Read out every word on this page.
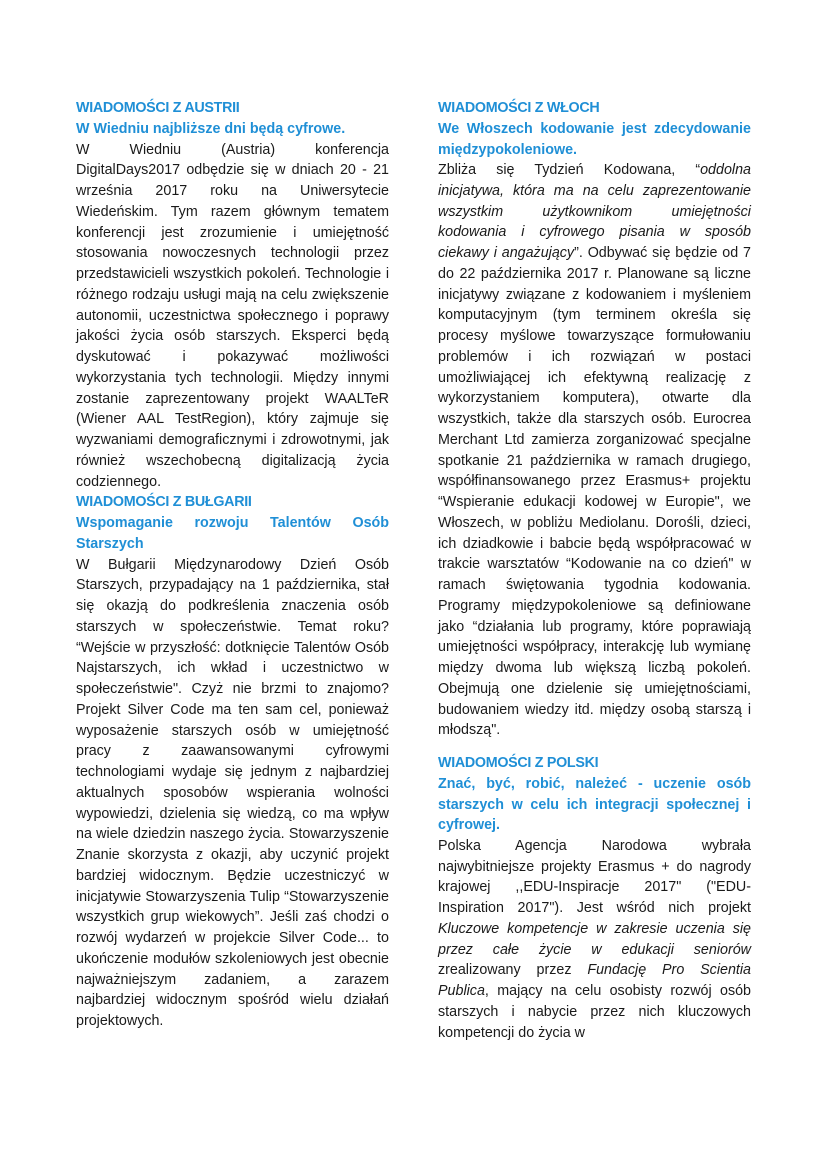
WIADOMOŚCI Z AUSTRII
W Wiedniu najbliższe dni będą cyfrowe.

W Wiedniu (Austria) konferencja DigitalDays2017 odbędzie się w dniach 20 - 21 września 2017 roku na Uniwersytecie Wiedeńskim. Tym razem głównym tematem konferencji jest zrozumienie i umiejętność stosowania nowoczesnych technologii przez przedstawicieli wszystkich pokoleń. Technologie i różnego rodzaju usługi mają na celu zwiększenie autonomii, uczestnictwa społecznego i poprawy jakości życia osób starszych. Eksperci będą dyskutować i pokazywać możliwości wykorzystania tych technologii. Między innymi zostanie zaprezentowany projekt WAALTeR (Wiener AAL TestRegion), który zajmuje się wyzwaniami demograficznymi i zdrowotnymi, jak również wszechobecną digitalizacją życia codziennego.

WIADOMOŚCI Z BUŁGARII
Wspomaganie rozwoju Talentów Osób Starszych

W Bułgarii Międzynarodowy Dzień Osób Starszych, przypadający na 1 października, stał się okazją do podkreślenia znaczenia osób starszych w społeczeństwie. Temat roku? “Wejście w przyszłość: dotknięcie Talentów Osób Najstarszych, ich wkład i uczestnictwo w społeczeństwie". Czyż nie brzmi to znajomo? Projekt Silver Code ma ten sam cel, ponieważ wyposażenie starszych osób w umiejętność pracy z zaawansowanymi cyfrowymi technologiami wydaje się jednym z najbardziej aktualnych sposobów wspierania wolności wypowiedzi, dzielenia się wiedzą, co ma wpływ na wiele dziedzin naszego życia. Stowarzyszenie Znanie skorzysta z okazji, aby uczynić projekt bardziej widocznym. Będzie uczestniczyć w inicjatywie Stowarzyszenia Tulip “Stowarzyszenie wszystkich grup wiekowych”. Jeśli zaś chodzi o rozwój wydarzeń w projekcie Silver Code... to ukończenie modułów szkoleniowych jest obecnie najważniejszym zadaniem, a zarazem najbardziej widocznym spośród wielu działań projektowych.

WIADOMOŚCI Z WŁOCH
We Włoszech kodowanie jest zdecydowanie międzypokoleniowe.

Zbliża się Tydzień Kodowana, “oddolna inicjatywa, która ma na celu zaprezentowanie wszystkim użytkownikom umiejętności kodowania i cyfrowego pisania w sposób ciekawy i angażujący”. Odbywać się będzie od 7 do 22 października 2017 r. Planowane są liczne inicjatywy związane z kodowaniem i myśleniem komputacyjnym (tym terminem określa się procesy myślowe towarzyszące formułowaniu problemów i ich rozwiązań w postaci umożliwiającej ich efektywną realizację z wykorzystaniem komputera), otwarte dla wszystkich, także dla starszych osób. Eurocrea Merchant Ltd zamierza zorganizować specjalne spotkanie 21 października w ramach drugiego, współfinansowanego przez Erasmus+ projektu “Wspieranie edukacji kodowej w Europie", we Włoszech, w pobliżu Mediolanu. Dorośli, dzieci, ich dziadkowie i babcie będą współpracować w trakcie warsztatów “Kodowanie na co dzień" w ramach świętowania tygodnia kodowania. Programy międzypokoleniowe są definiowane jako “działania lub programy, które poprawiają umiejętności współpracy, interakcję lub wymianę między dwoma lub większą liczbą pokoleń. Obejmują one dzielenie się umiejętnościami, budowaniem wiedzy itd. między osobą starszą i młodszą".

WIADOMOŚCI Z POLSKI
Znać, być, robić, należeć - uczenie osób starszych w celu ich integracji społecznej i cyfrowej.

Polska Agencja Narodowa wybrała najwybitniejsze projekty Erasmus + do nagrody krajowej ,,EDU-Inspiracje 2017" ("EDU-Inspiration 2017"). Jest wśród nich projekt Kluczowe kompetencje w zakresie uczenia się przez całe życie w edukacji seniorów zrealizowany przez Fundację Pro Scientia Publica, mający na celu osobisty rozwój osób starszych i nabycie przez nich kluczowych kompetencji do życia w
